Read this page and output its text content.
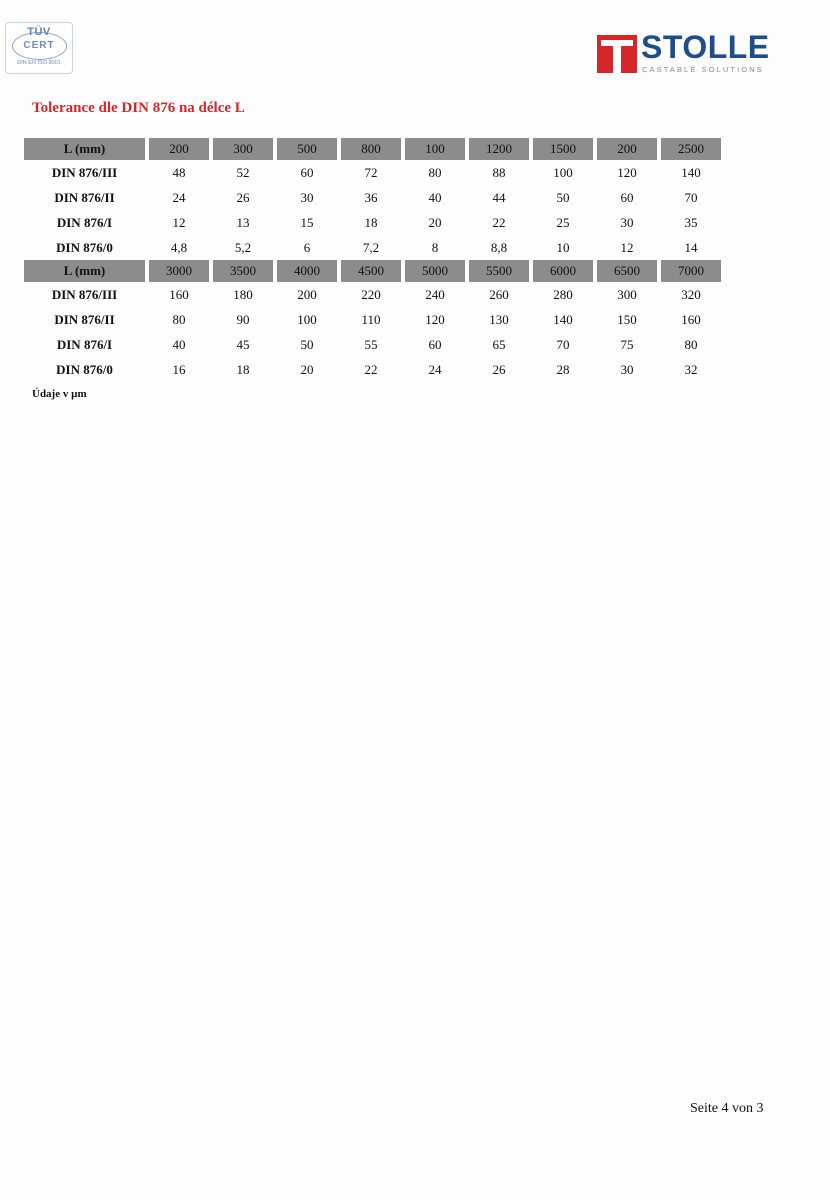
TÜV
CERT
DIN EN ISO 9001	STOLLE
CASTABLE SOLUTIONS
Tolerance dle DIN 876 na délce L
L (mm)	200	300	500	800	100	1200	1500	200	2500
DIN 876/III	48	52	60	72	80	88	100	120	140
DIN 876/II	24	26	30	36	40	44	50	60	70
DIN 876/I	12	13	15	18	20	22	25	30	35
DIN 876/0	4,8	5,2	6	7,2	8	8,8	10	12	14
L (mm)	3000	3500	4000	4500	5000	5500	6000	6500	7000
DIN 876/III	160	180	200	220	240	260	280	300	320
DIN 876/II	80	90	100	110	120	130	140	150	160
DIN 876/I	40	45	50	55	60	65	70	75	80
DIN 876/0	16	18	20	22	24	26	28	30	32
Údaje v µm
Seite 4 von 3
